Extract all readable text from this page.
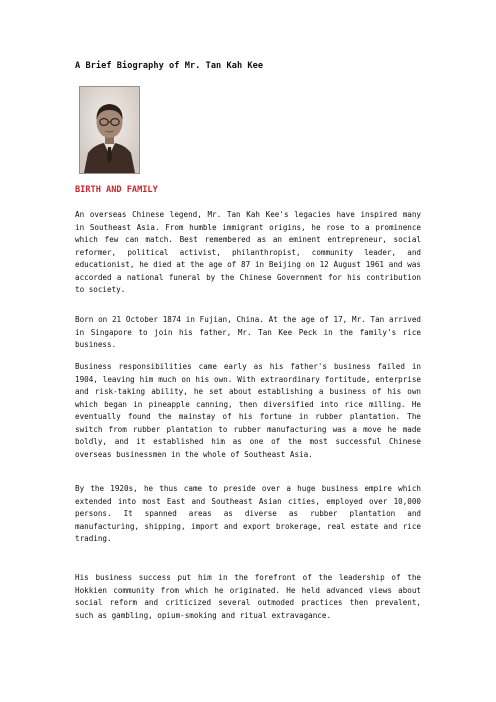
A Brief Biography of Mr. Tan Kah Kee
BIRTH AND FAMILY

An overseas Chinese legend, Mr. Tan Kah Kee's legacies have inspired many in Southeast Asia. From humble immigrant origins, he rose to a prominence which few can match. Best remembered as an eminent entrepreneur, social reformer, political activist, philanthropist, community leader, and educationist, he died at the age of 87 in Beijing on 12 August 1961 and was accorded a national funeral by the Chinese Government for his contribution to society.

Born on 21 October 1874 in Fujian, China. At the age of 17, Mr. Tan arrived in Singapore to join his father, Mr. Tan Kee Peck in the family's rice business.

Business responsibilities came early as his father's business failed in 1904, leaving him much on his own. With extraordinary fortitude, enterprise and risk-taking ability, he set about establishing a business of his own which began in pineapple canning, then diversified into rice milling. He eventually found the mainstay of his fortune in rubber plantation. The switch from rubber plantation to rubber manufacturing was a move he made boldly, and it established him as one of the most successful Chinese overseas businessmen in the whole of Southeast Asia.

By the 1920s, he thus came to preside over a huge business empire which extended into most East and Southeast Asian cities, employed over 10,000 persons. It spanned areas as diverse as rubber plantation and manufacturing, shipping, import and export brokerage, real estate and rice trading.

His business success put him in the forefront of the leadership of the Hokkien community from which he originated. He held advanced views about social reform and criticized several outmoded practices then prevalent, such as gambling, opium-smoking and ritual extravagance.
